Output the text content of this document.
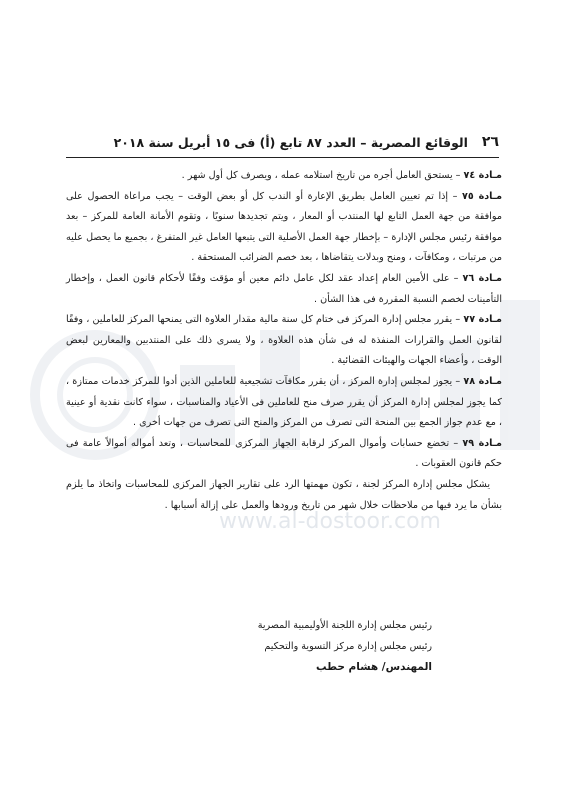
www.al-dostoor.com
٢٦
الوقائع المصرية – العدد ٨٧ تابع (أ) فى ١٥ أبريل سنة ٢٠١٨

مـادة ٧٤ – يستحق العامل أجره من تاريخ استلامه عمله ، ويصرف كل أول شهر .

مـادة ٧٥ – إذا تم تعيين العامل بطريق الإعارة أو الندب كل أو بعض الوقت – يجب مراعاة الحصول على موافقة من جهة العمل التابع لها المنتدب أو المعار ، ويتم تجديدها سنويًا ، وتقوم الأمانة العامة للمركز – بعد موافقة رئيس مجلس الإدارة – بإخطار جهة العمل الأصلية التى يتبعها العامل غير المتفرغ ، بجميع ما يحصل عليه من مرتبات ، ومكافآت ، ومنح وبدلات يتقاضاها ، بعد خصم الضرائب المستحقة .

مـادة ٧٦ – على الأمين العام إعداد عقد لكل عامل دائم معين أو مؤقت وفقًا لأحكام قانون العمل ، وإخطار التأمينات لخصم النسبة المقررة فى هذا الشأن .

مـادة ٧٧ – يقرر مجلس إدارة المركز فى ختام كل سنة مالية مقدار العلاوة التى يمنحها المركز للعاملين ، وفقًا لقانون العمل والقرارات المنفذة له فى شأن هذه العلاوة ، ولا يسرى ذلك على المنتدبين والمعارين لبعض الوقت ، وأعضاء الجهات والهيئات القضائية .

مـادة ٧٨ – يجوز لمجلس إدارة المركز ، أن يقرر مكافآت تشجيعية للعاملين الذين أدوا للمركز خدمات ممتازة ، كما يجوز لمجلس إدارة المركز أن يقرر صرف منح للعاملين فى الأعياد والمناسبات ، سواء كانت نقدية أو عينية ، مع عدم جواز الجمع بين المنحة التى تصرف من المركز والمنح التى تصرف من جهات أخرى .

مـادة ٧٩ – تخضع حسابات وأموال المركز لرقابة الجهاز المركزى للمحاسبات ، وتعد أمواله أموالاً عامة فى حكم قانون العقوبات .

يشكل مجلس إدارة المركز لجنة ، تكون مهمتها الرد على تقارير الجهاز المركزى للمحاسبات واتخاذ ما يلزم بشأن ما يرد فيها من ملاحظات خلال شهر من تاريخ ورودها والعمل على إزالة أسبابها .

رئيس مجلس إدارة اللجنة الأوليمبية المصرية
رئيس مجلس إدارة مركز التسوية والتحكيم
المهندس/ هشام حطب
